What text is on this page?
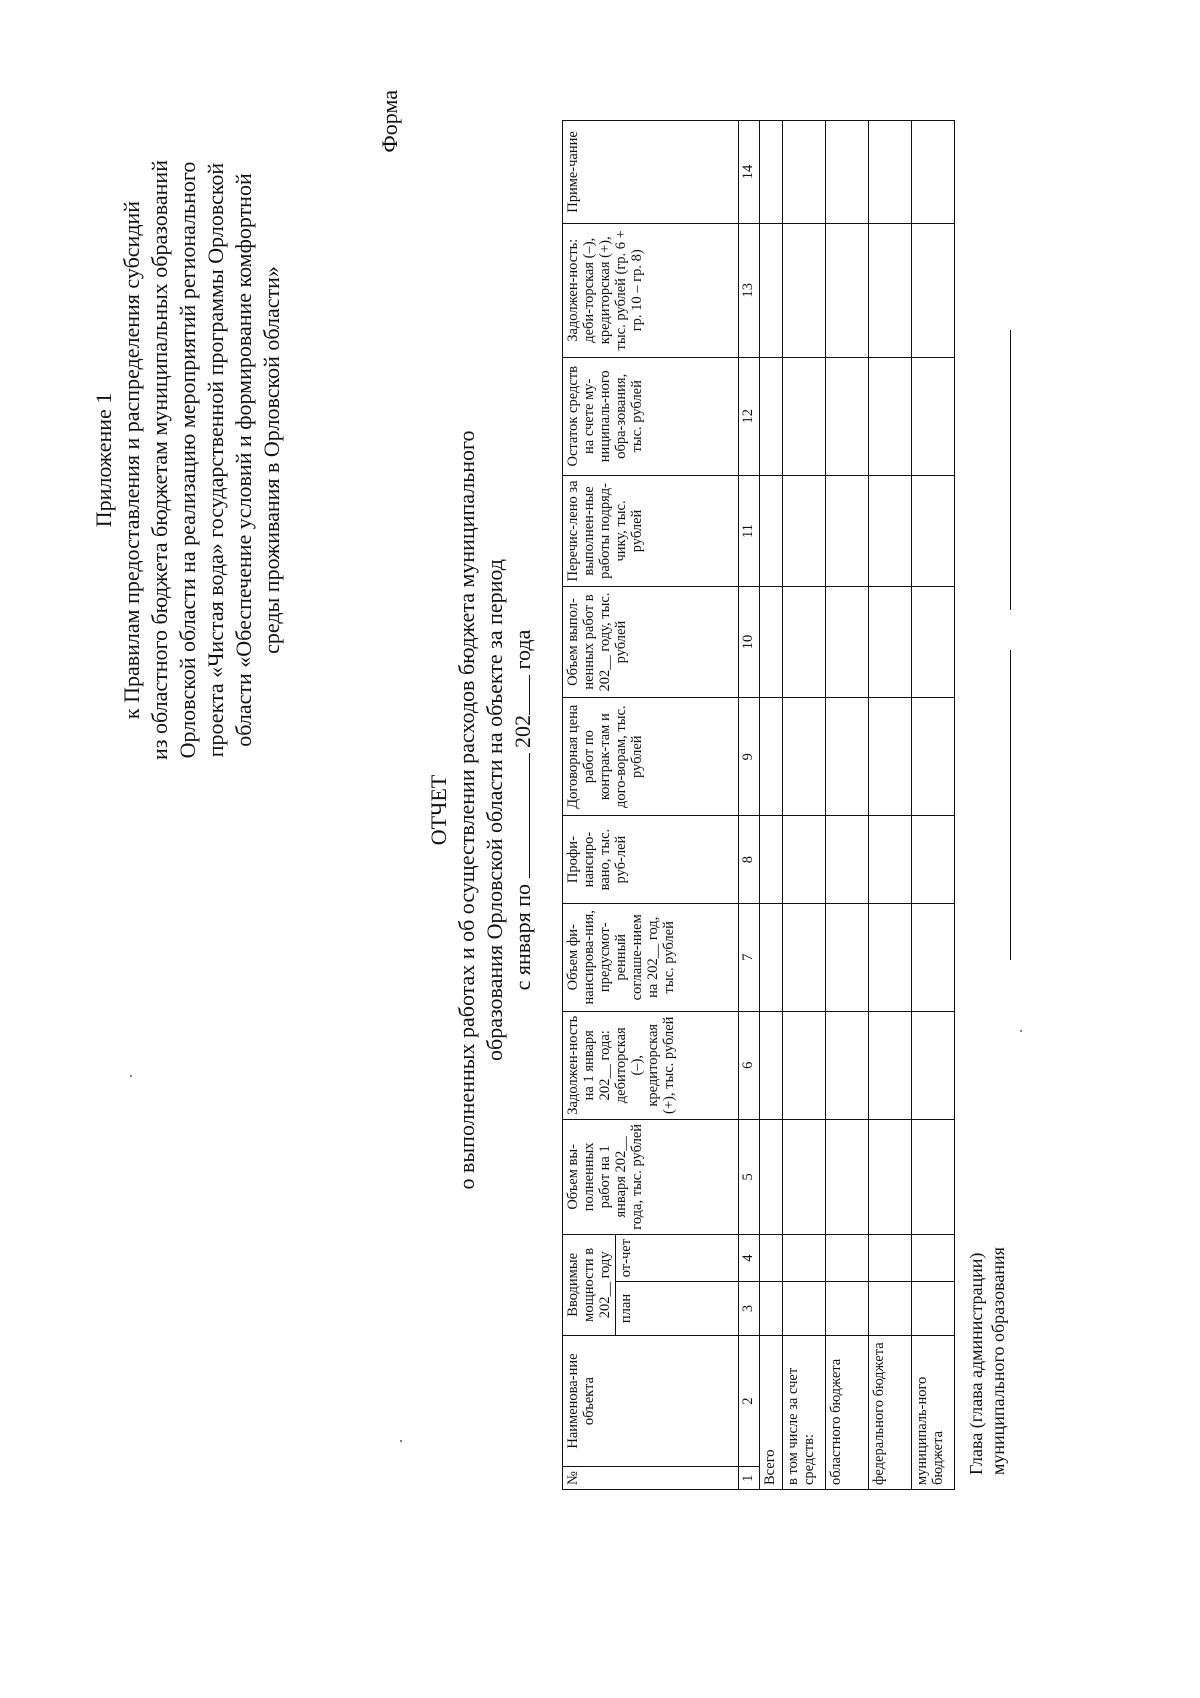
Приложение 1 к Правилам предоставления и распределения субсидий из областного бюджета бюджетам муниципальных образований Орловской области на реализацию мероприятий регионального проекта «Чистая вода» государственной программы Орловской области «Обеспечение условий и формирование комфортной среды проживания в Орловской области»
Форма
ОТЧЕТ о выполненных работах и об осуществлении расходов бюджета муниципального образования Орловской области на объекте за период с января по  202 года
№	Наименова-ние объекта	Вводимые мощности в 202__ году		Объем вы-полненных работ на 1 января 202__ года, тыс. рублей	Задолжен-ность на 1 января 202__ года: дебиторская (–), кредиторская (+), тыс. рублей	Объем фи-нансирова-ния, предусмот-ренный соглаше-нием на 202__ год, тыс. рублей	Профи-нансиро-вано, тыс. руб-лей	Договорная цена работ по контрак-там и дого-ворам, тыс. рублей	Объем выпол-ненных работ в 202__ году, тыс. рублей	Перечис-лено за выполнен-ные работы подряд-чику, тыс. рублей	Остаток средств на счете му-ниципаль-ного обра-зования, тыс. рублей	Задолжен-ность: деби-торская (–), кредиторская (+), тыс. рублей (гр. 6 + гр. 10 – гр. 8)	Приме-чание
		план	от-чет										
1	2	3	4	5	6	7	8	9	10	11	12	13	14
Всего													
в том числе за счет средств:													
областного бюджета													
федерального бюджета													
муниципаль-ного бюджета													Глава (глава администрации) муниципального образования
